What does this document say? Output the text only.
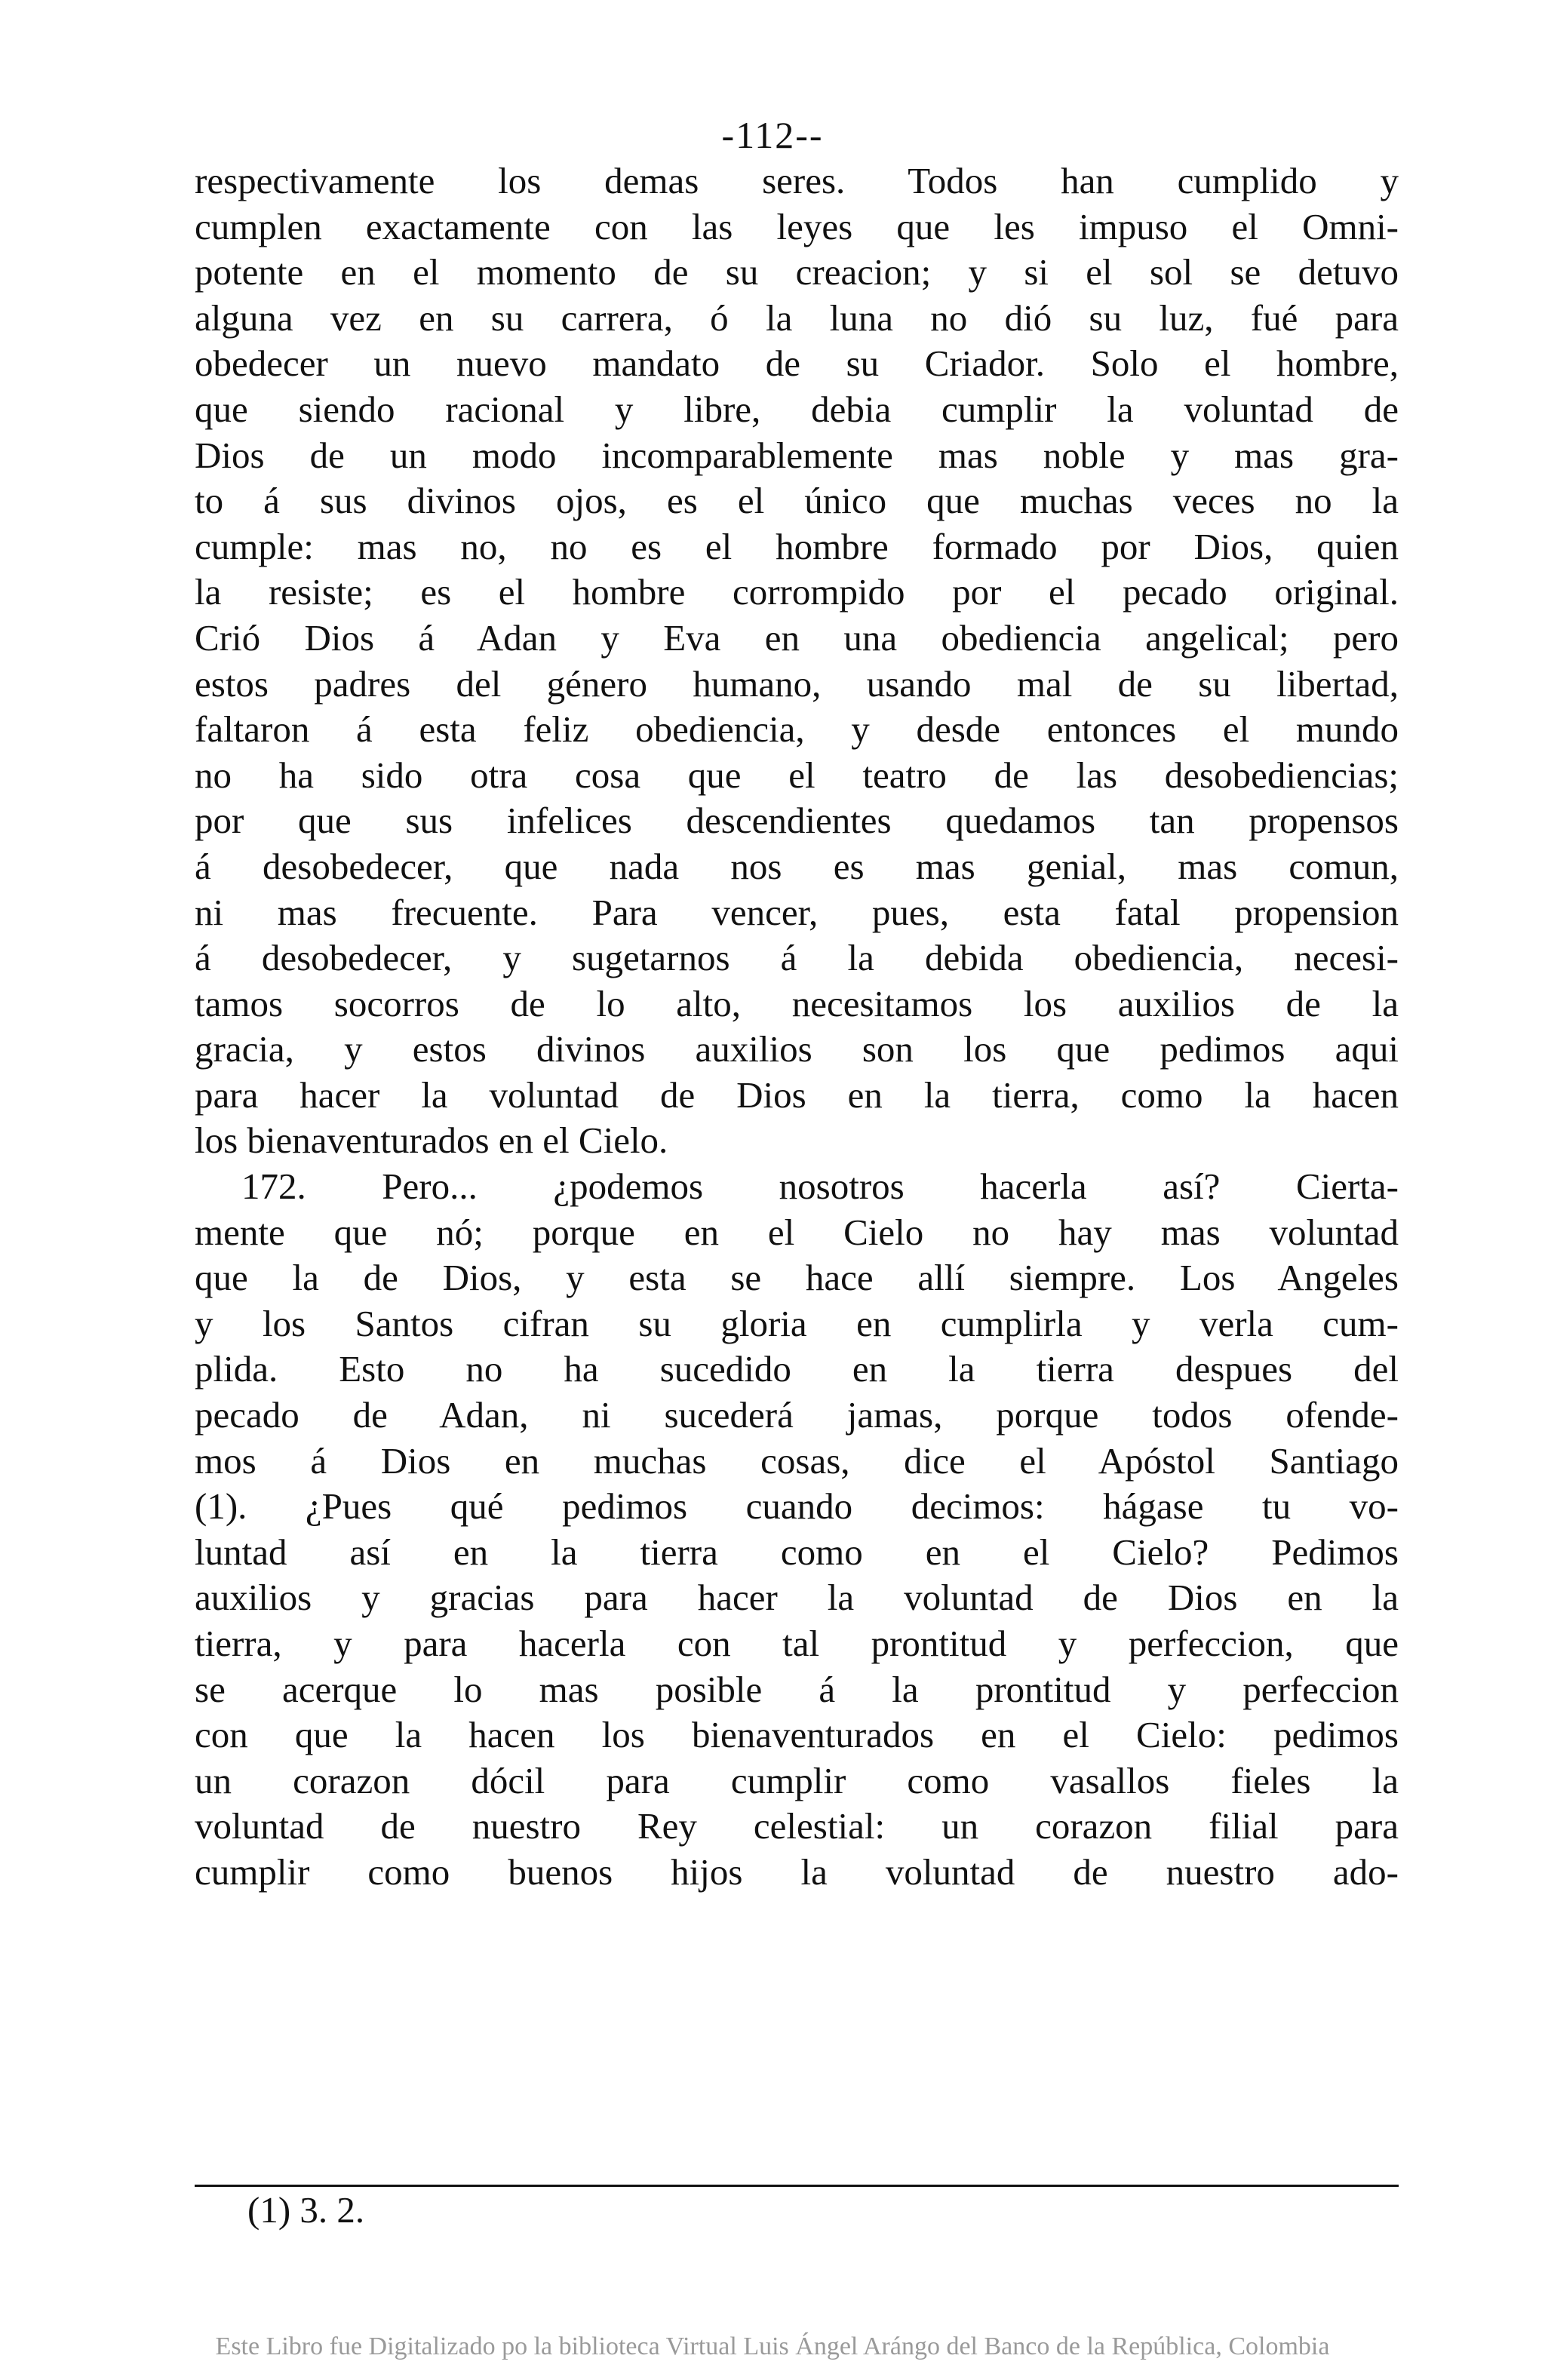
-112--
respectivamente los demas seres. Todos han cumplido y
cumplen exactamente con las leyes que les impuso el Omni-
potente en el momento de su creacion; y si el sol se detuvo
alguna vez en su carrera, ó la luna no dió su luz, fué para
obedecer un nuevo mandato de su Criador. Solo el hombre,
que siendo racional y libre, debia cumplir la voluntad de
Dios de un modo incomparablemente mas noble y mas gra-
to á sus divinos ojos, es el único que muchas veces no la
cumple: mas no, no es el hombre formado por Dios, quien
la resiste; es el hombre corrompido por el pecado original.
Crió Dios á Adan y Eva en una obediencia angelical; pero
estos padres del género humano, usando mal de su libertad,
faltaron á esta feliz obediencia, y desde entonces el mundo
no ha sido otra cosa que el teatro de las desobediencias;
por que sus infelices descendientes quedamos tan propensos
á desobedecer, que nada nos es mas genial, mas comun,
ni mas frecuente. Para vencer, pues, esta fatal propension
á desobedecer, y sugetarnos á la debida obediencia, necesi-
tamos socorros de lo alto, necesitamos los auxilios de la
gracia, y estos divinos auxilios son los que pedimos aqui
para hacer la voluntad de Dios en la tierra, como la hacen
los bienaventurados en el Cielo.
172. Pero... ¿podemos nosotros hacerla así? Cierta-
mente que nó; porque en el Cielo no hay mas voluntad
que la de Dios, y esta se hace allí siempre. Los Angeles
y los Santos cifran su gloria en cumplirla y verla cum-
plida. Esto no ha sucedido en la tierra despues del
pecado de Adan, ni sucederá jamas, porque todos ofende-
mos á Dios en muchas cosas, dice el Apóstol Santiago
(1). ¿Pues qué pedimos cuando decimos: hágase tu vo-
luntad así en la tierra como en el Cielo? Pedimos
auxilios y gracias para hacer la voluntad de Dios en la
tierra, y para hacerla con tal prontitud y perfeccion, que
se acerque lo mas posible á la prontitud y perfeccion
con que la hacen los bienaventurados en el Cielo: pedimos
un corazon dócil para cumplir como vasallos fieles la
voluntad de nuestro Rey celestial: un corazon filial para
cumplir como buenos hijos la voluntad de nuestro ado-
(1) 3. 2.
Este Libro fue Digitalizado po la biblioteca Virtual Luis Ángel Arángo del Banco de la República, Colombia
